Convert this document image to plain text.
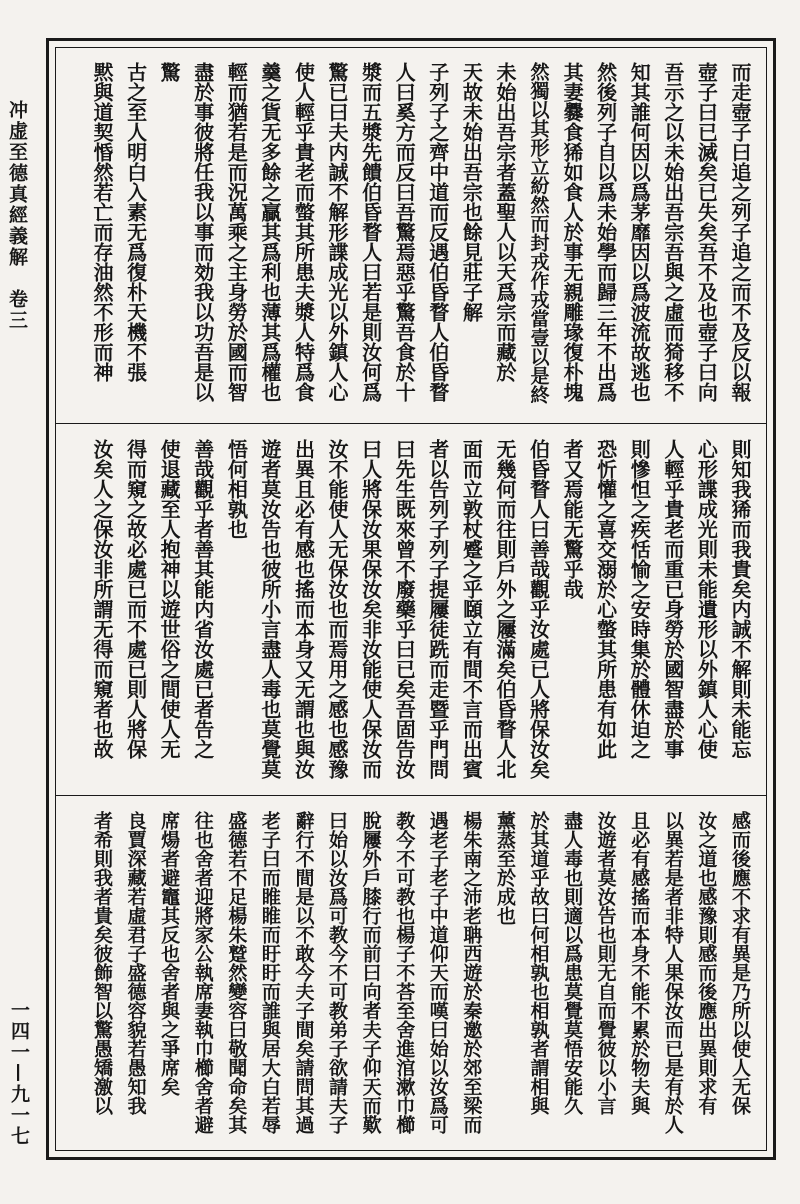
冲虚至德真經義解　卷三
一四一—九一七
而走壺子曰追之列子追之而不及反以報
壺子曰已滅矣已失矣吾不及也壺子曰向
吾示之以未始出吾宗吾與之虛而猗移不
知其誰何因以爲茅靡因以爲波流故逃也
然後列子自以爲未始學而歸三年不出爲
其妻爨食狶如食人於事无親雕瑑復朴塊
然獨以其形立紛然而封戎作戎當壹以是終
未始出吾宗者蓋聖人以天爲宗而藏於
天故未始出吾宗也餘見莊子解
子列子之齊中道而反遇伯昏瞀人伯昏瞀
人曰奚方而反曰吾驚焉惡乎驚吾食於十
漿而五漿先饋伯昏瞀人曰若是則汝何爲
驚已曰夫内誠不解形諜成光以外鎮人心
使人輕乎貴老而螫其所患夫漿人特爲食
羹之貨无多餘之贏其爲利也薄其爲權也
輕而猶若是而況萬乘之主身勞於國而智
盡於事彼將任我以事而効我以功吾是以
驚
古之至人明白入素无爲復朴天機不張
黙與道契惛然若亡而存油然不形而神
則知我狶而我貴矣内誠不解則未能忘
心形諜成光則未能遺形以外鎮人心使
人輕乎貴老而重已身勞於國智盡於事
則慘怛之疾恬愉之安時集於體休迫之
恐忻懽之喜交溺於心螫其所患有如此
者又焉能无驚乎哉
伯昏瞀人曰善哉觀乎汝處已人將保汝矣
无幾何而往則戶外之屨滿矣伯昏瞀人北
面而立敦杖蹙之乎頥立有間不言而出賓
者以告列子列子提屨徒跣而走暨乎門問
曰先生既來曾不廢藥乎曰已矣吾固告汝
曰人將保汝果保汝矣非汝能使人保汝而
汝不能使人无保汝也而焉用之感也感豫
出異且必有感也搖而本身又无謂也與汝
遊者莫汝告也彼所小言盡人毒也莫覺莫
悟何相孰也
善哉觀乎者善其能内省汝處已者告之
使退藏至人抱神以遊世俗之間使人无
得而窺之故必處已而不處已則人將保
汝矣人之保汝非所謂无得而窺者也故
感而後應不求有異是乃所以使人无保
汝之道也感豫則感而後應出異則求有
以異若是者非特人果保汝而已是有於人
且必有感搖而本身不能不累於物夫與
汝遊者莫汝告也則无自而覺彼以小言
盡人毒也則適以爲患莫覺莫悟安能久
於其道乎故曰何相孰也相孰者謂相與
薰蒸至於成也
楊朱南之沛老聃西遊於秦邀於郊至梁而
遇老子老子中道仰天而嘆曰始以汝爲可
教今不可教也楊子不荅至舍進涫漱巾櫛
脫屨外戶膝行而前曰向者夫子仰天而歎
曰始以汝爲可教今不可教弟子欲請夫子
辭行不間是以不敢今夫子間矣請問其過
老子曰而睢睢而盱盱而誰與居大白若辱
盛德若不足楊朱蹵然變容曰敬聞命矣其
往也舍者迎將家公執席妻執巾櫛舍者避
席煬者避竈其反也舍者與之爭席矣
良賈深藏若虛君子盛德容貌若愚知我
者希則我者貴矣彼飾智以驚愚矯激以
